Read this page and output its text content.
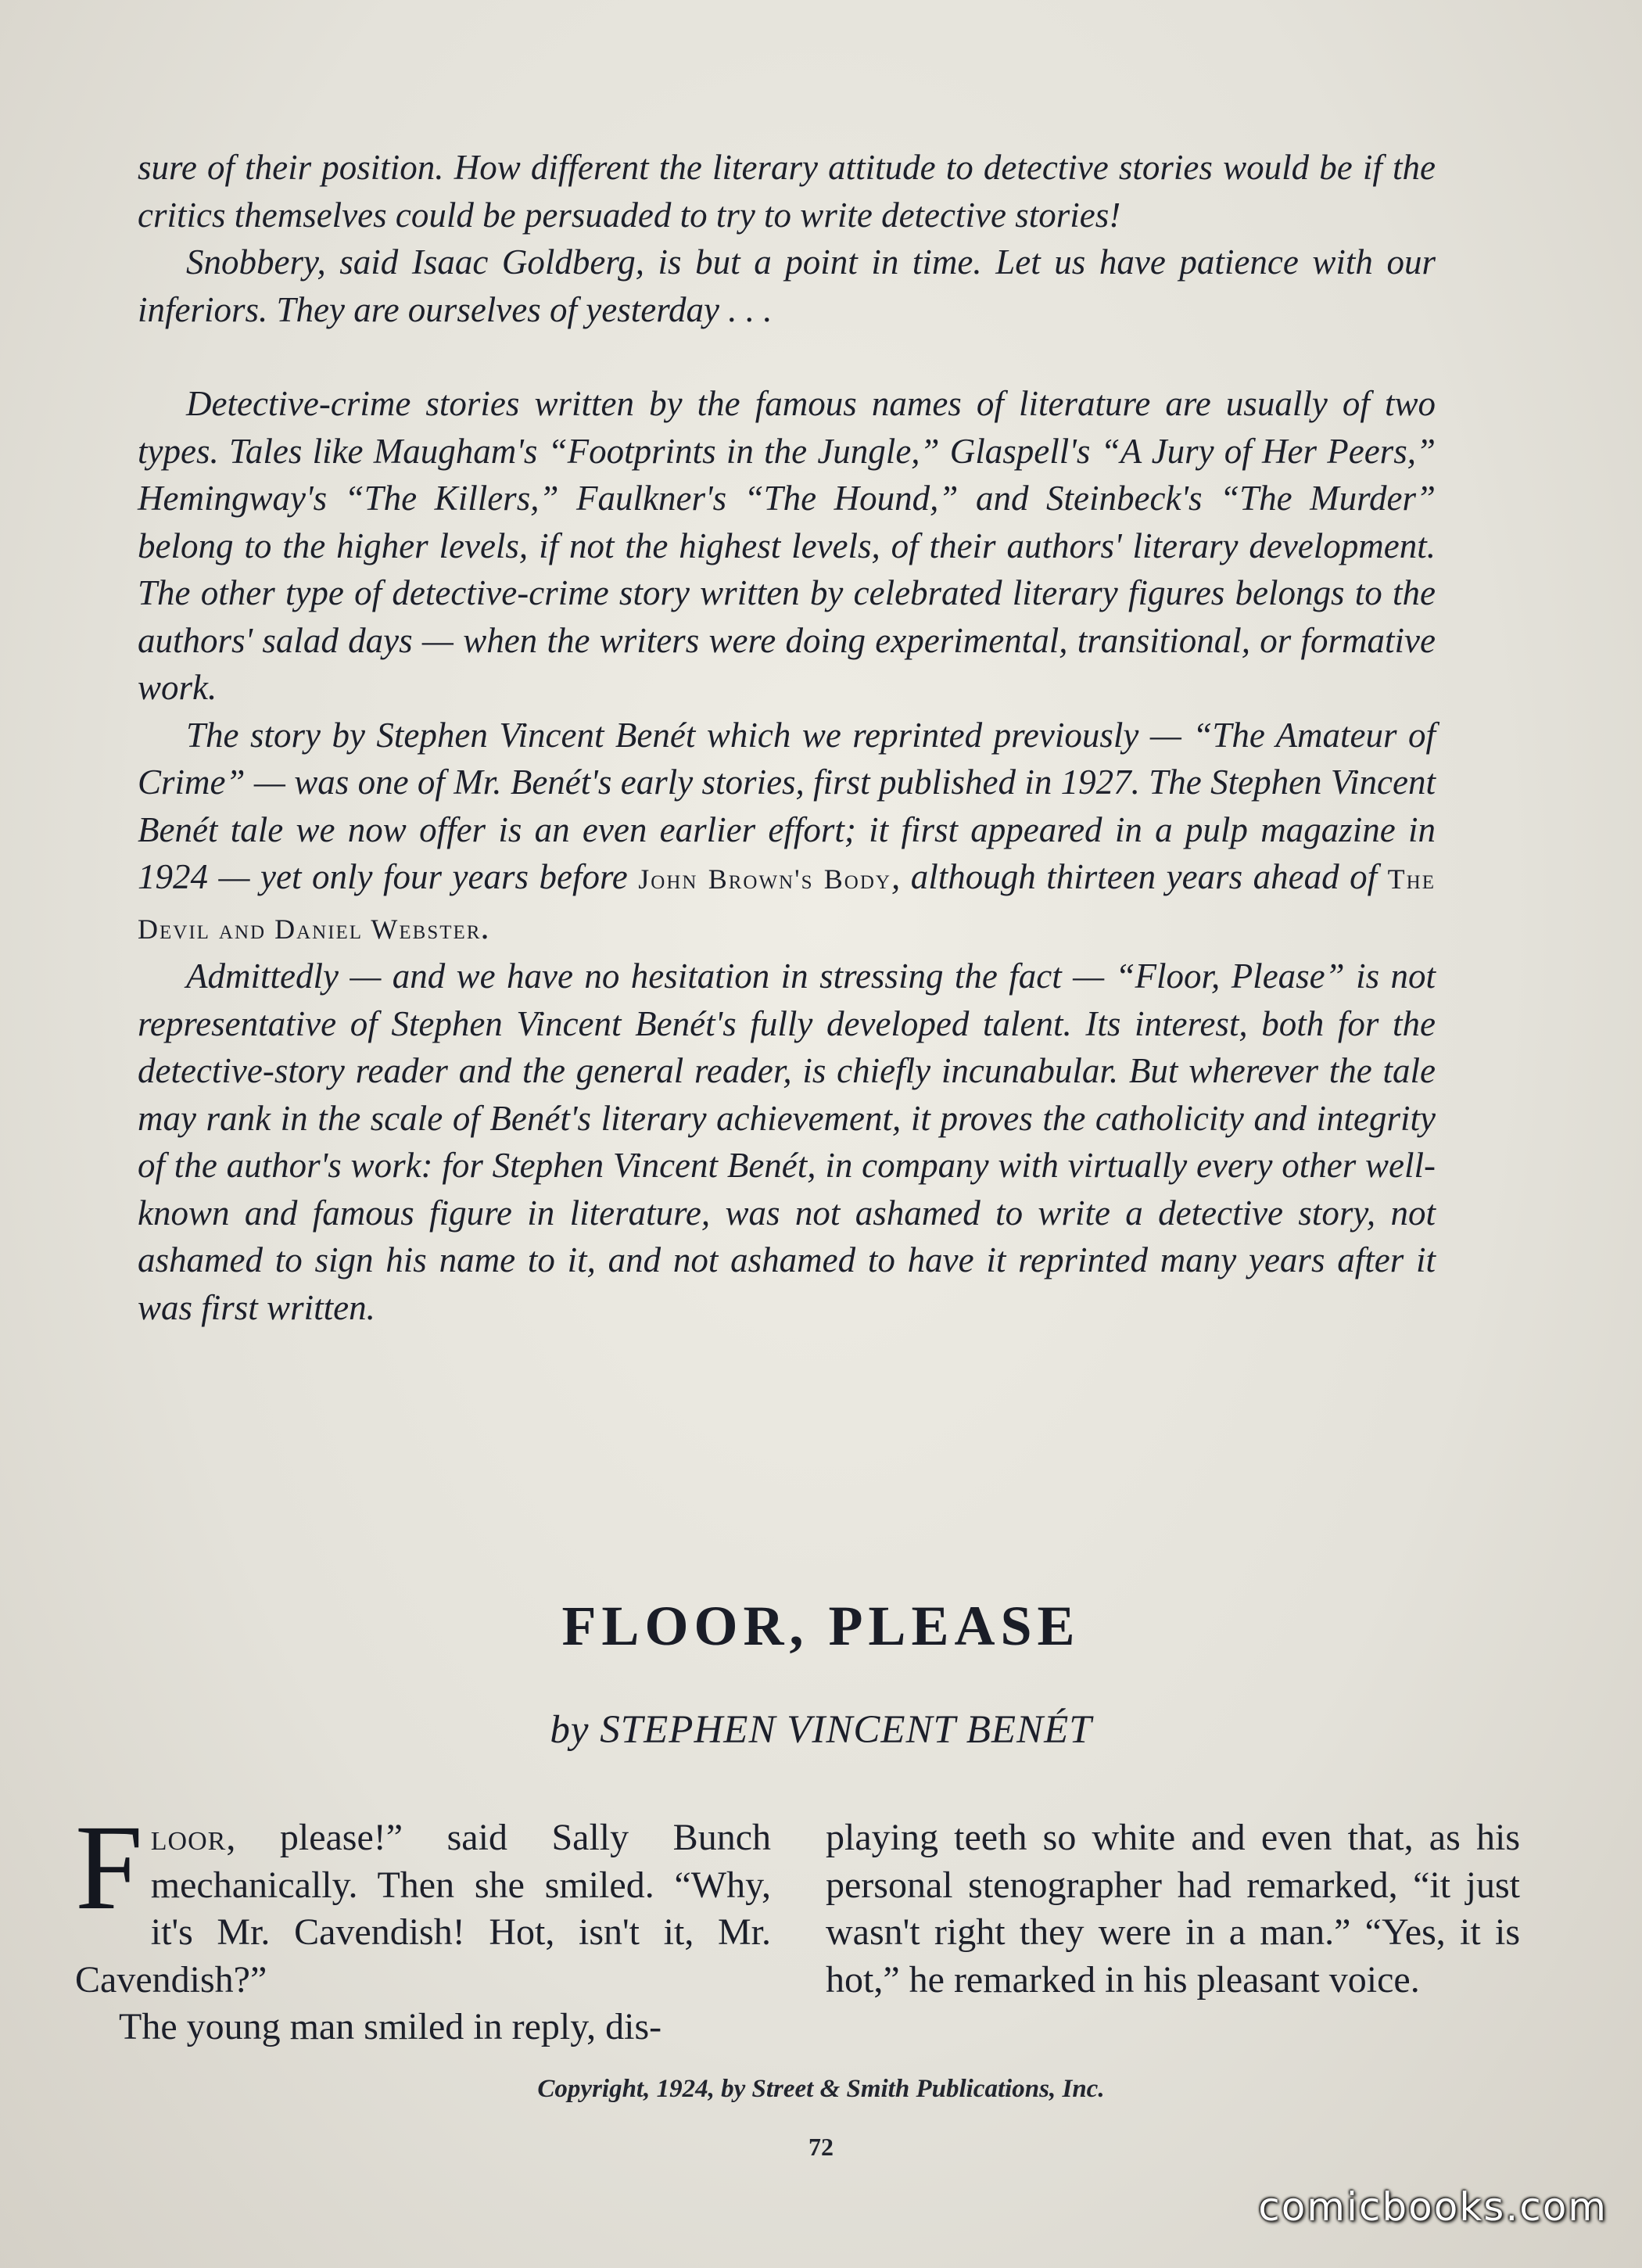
sure of their position. How different the literary attitude to detective stories would be if the critics themselves could be persuaded to try to write detective stories!

Snobbery, said Isaac Goldberg, is but a point in time. Let us have patience with our inferiors. They are ourselves of yesterday . . .

Detective-crime stories written by the famous names of literature are usually of two types. Tales like Maugham's “Footprints in the Jungle,” Glaspell's “A Jury of Her Peers,” Hemingway's “The Killers,” Faulkner's “The Hound,” and Steinbeck's “The Murder” belong to the higher levels, if not the highest levels, of their authors' literary development. The other type of detective-crime story written by celebrated literary figures belongs to the authors' salad days — when the writers were doing experimental, transitional, or formative work.

The story by Stephen Vincent Benét which we reprinted previously — “The Amateur of Crime” — was one of Mr. Benét's early stories, first published in 1927. The Stephen Vincent Benét tale we now offer is an even earlier effort; it first appeared in a pulp magazine in 1924 — yet only four years before John Brown's Body, although thirteen years ahead of The Devil and Daniel Webster.

Admittedly — and we have no hesitation in stressing the fact — “Floor, Please” is not representative of Stephen Vincent Benét's fully developed talent. Its interest, both for the detective-story reader and the general reader, is chiefly incunabular. But wherever the tale may rank in the scale of Benét's literary achievement, it proves the catholicity and integrity of the author's work: for Stephen Vincent Benét, in company with virtually every other well-known and famous figure in literature, was not ashamed to write a detective story, not ashamed to sign his name to it, and not ashamed to have it reprinted many years after it was first written.

FLOOR, PLEASE
by STEPHEN VINCENT BENÉT

Floor, please!” said Sally Bunch mechanically. Then she smiled. “Why, it's Mr. Cavendish! Hot, isn't it, Mr. Cavendish?”

The young man smiled in reply, dis-

playing teeth so white and even that, as his personal stenographer had remarked, “it just wasn't right they were in a man.” “Yes, it is hot,” he remarked in his pleasant voice.

Copyright, 1924, by Street & Smith Publications, Inc.
72
comicbooks.com
